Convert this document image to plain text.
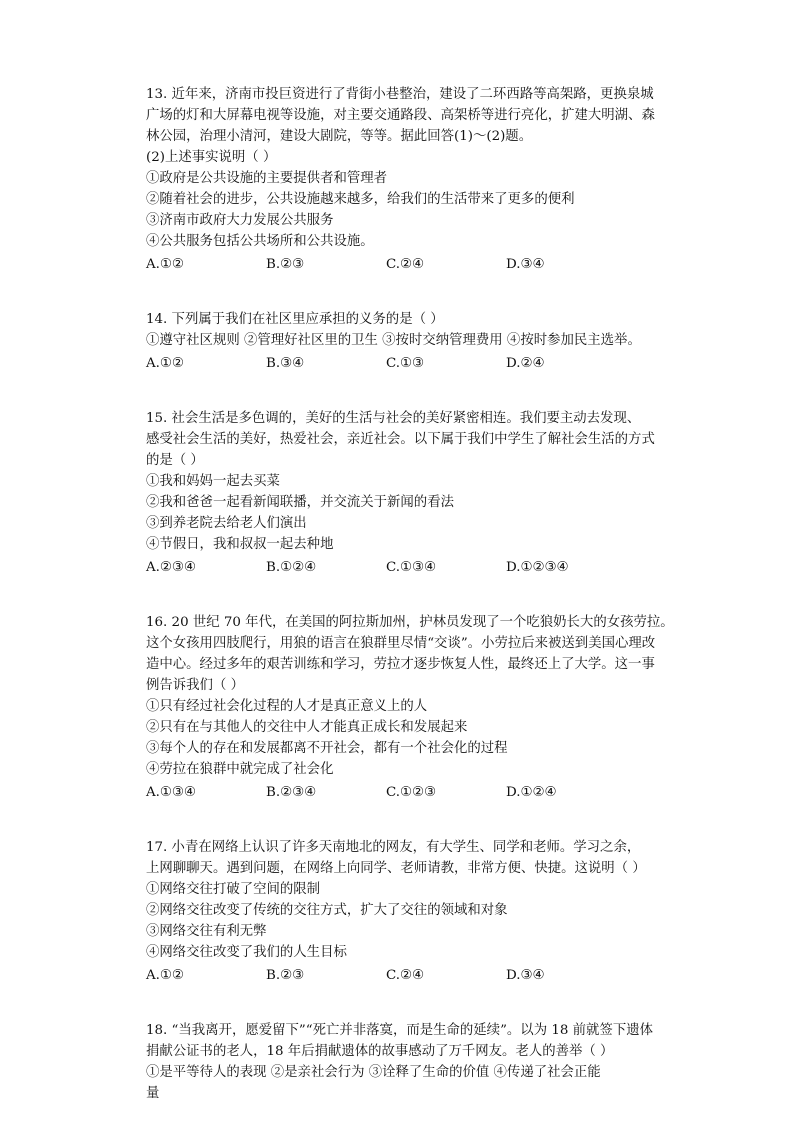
13. 近年来，济南市投巨资进行了背街小巷整治，建设了二环西路等高架路，更换泉城
广场的灯和大屏幕电视等设施，对主要交通路段、高架桥等进行亮化，扩建大明湖、森
林公园，治理小清河，建设大剧院，等等。据此回答(1)～(2)题。
(2)上述事实说明（ ）
①政府是公共设施的主要提供者和管理者
②随着社会的进步，公共设施越来越多，给我们的生活带来了更多的便利
③济南市政府大力发展公共服务
④公共服务包括公共场所和公共设施。
A.①②	B.②③	C.②④	D.③④
14. 下列属于我们在社区里应承担的义务的是（ ）
①遵守社区规则 ②管理好社区里的卫生 ③按时交纳管理费用 ④按时参加民主选举。
A.①②	B.③④	C.①③	D.②④
15. 社会生活是多色调的，美好的生活与社会的美好紧密相连。我们要主动去发现、
感受社会生活的美好，热爱社会，亲近社会。以下属于我们中学生了解社会生活的方式
的是（ ）
①我和妈妈一起去买菜
②我和爸爸一起看新闻联播，并交流关于新闻的看法
③到养老院去给老人们演出
④节假日，我和叔叔一起去种地
A.②③④	B.①②④	C.①③④	D.①②③④
16. 20 世纪 70 年代，在美国的阿拉斯加州，护林员发现了一个吃狼奶长大的女孩劳拉。
这个女孩用四肢爬行，用狼的语言在狼群里尽情“交谈”。小劳拉后来被送到美国心理改
造中心。经过多年的艰苦训练和学习，劳拉才逐步恢复人性，最终还上了大学。这一事
例告诉我们（ ）
①只有经过社会化过程的人才是真正意义上的人
②只有在与其他人的交往中人才能真正成长和发展起来
③每个人的存在和发展都离不开社会，都有一个社会化的过程
④劳拉在狼群中就完成了社会化
A.①③④	B.②③④	C.①②③	D.①②④
17. 小青在网络上认识了许多天南地北的网友，有大学生、同学和老师。学习之余，
上网聊聊天。遇到问题，在网络上向同学、老师请教，非常方便、快捷。这说明（ ）
①网络交往打破了空间的限制
②网络交往改变了传统的交往方式，扩大了交往的领域和对象
③网络交往有利无弊
④网络交往改变了我们的人生目标
A.①②	B.②③	C.②④	D.③④
18. “当我离开，愿爱留下”“死亡并非落寞，而是生命的延续”。以为 18 前就签下遗体
捐献公证书的老人，18 年后捐献遗体的故事感动了万千网友。老人的善举（ ）
①是平等待人的表现 ②是亲社会行为 ③诠释了生命的价值 ④传递了社会正能
量
